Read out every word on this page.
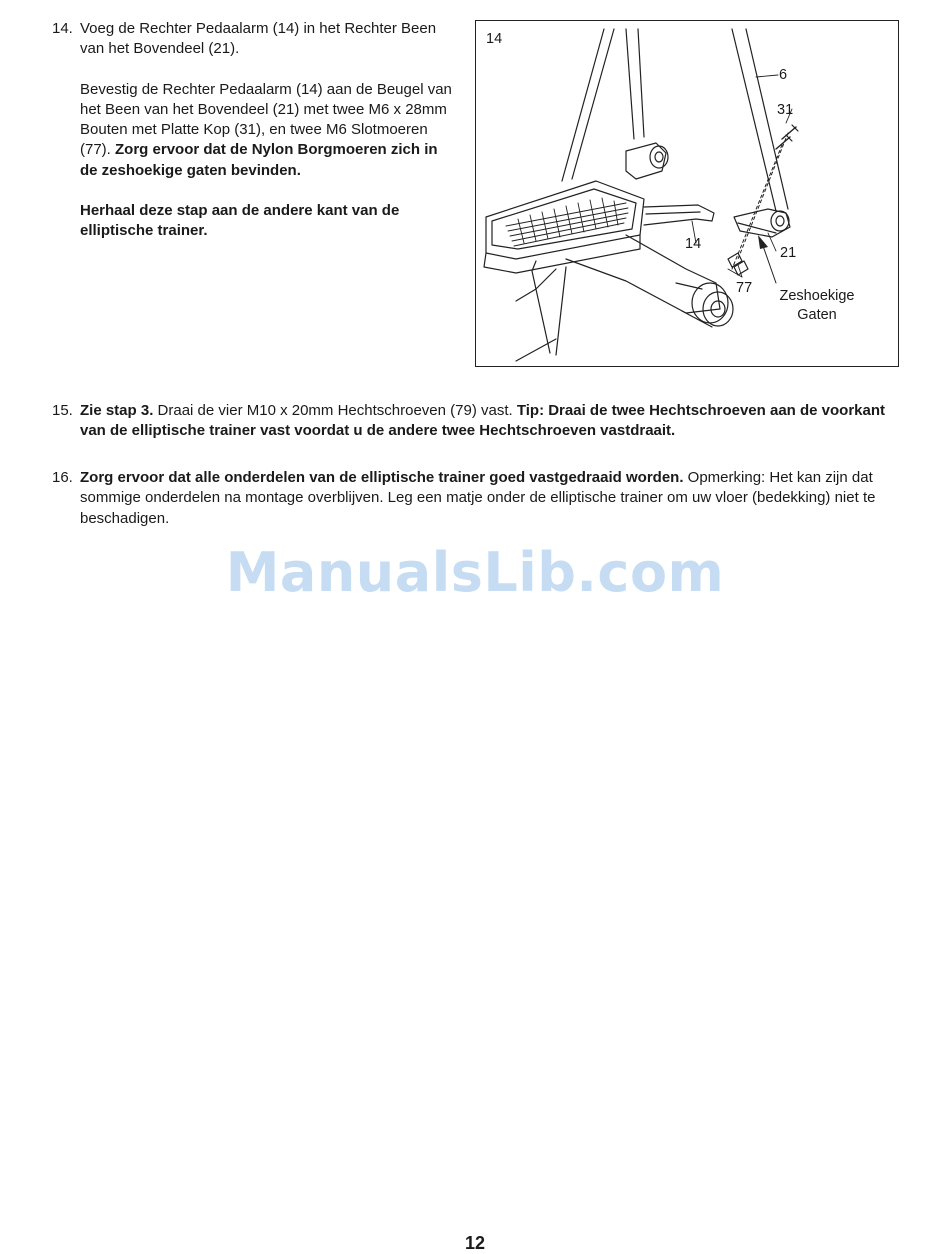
14. Voeg de Rechter Pedaalarm (14) in het Rechter Been van het Bovendeel (21).

Bevestig de Rechter Pedaalarm (14) aan de Beugel van het Been van het Bovendeel (21) met twee M6 x 28mm Bouten met Platte Kop (31), en twee M6 Slotmoeren (77). Zorg ervoor dat de Nylon Borgmoeren zich in de zeshoekige gaten bevinden.

Herhaal deze stap aan de andere kant van de elliptische trainer.

14
6
31
14
21
77	Zeshoekige
Gaten
15. Zie stap 3. Draai de vier M10 x 20mm Hechtschroeven (79) vast. Tip: Draai de twee Hechtschroeven aan de voorkant van de elliptische trainer vast voordat u de andere twee Hechtschroeven vastdraait.

16. Zorg ervoor dat alle onderdelen van de elliptische trainer goed vastgedraaid worden. Opmerking: Het kan zijn dat sommige onderdelen na montage overblijven. Leg een matje onder de elliptische trainer om uw vloer (bedekking) niet te beschadigen.

ManualsLib.com
12
